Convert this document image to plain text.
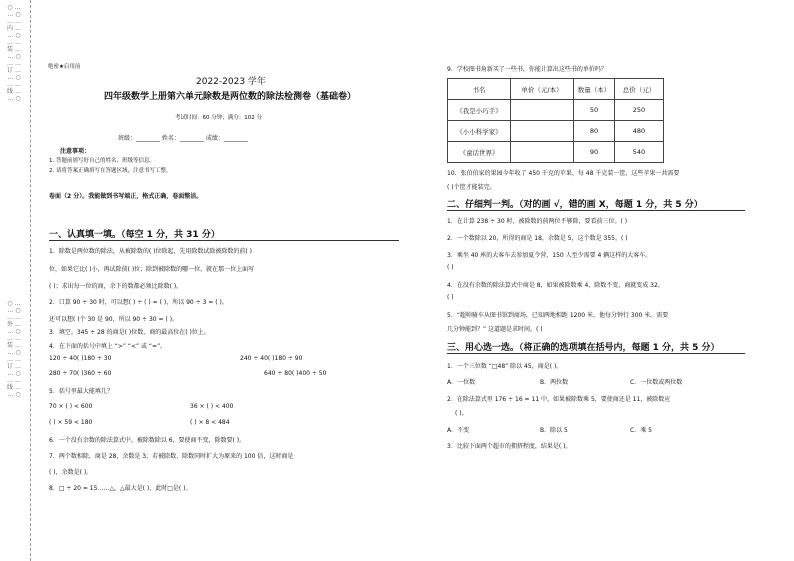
○ … … ○ … … 内 … … ○ … … 装 … … ○ … … 订 … … ○ … … 线 … … ○
○ … … ○ … … 外 … … ○ … … 装 … … ○ … … 订 … … ○ … … 线 … … ○
绝密★启用前
2022-2023 学年
四年级数学上册第六单元除数是两位数的除法检测卷（基础卷）
考试时间：60 分钟；满分：102 分
班级：________ 姓名：________ 成绩：________
注意事项：
1. 答题前填写好自己的姓名、班级等信息。
2. 请将答案正确填写在答题区域，注意书写工整。
卷面（2 分）。我能做到书写端正，格式正确，卷面整洁。
一、认真填一填。（每空 1 分，共 31 分）
1．除数是两位数的除法，从被除数的( )位除起，先用除数试除被除数的前( )
位，如果它比( )小，再试除前( )位；除到被除数的哪一位，就在那一位上面写
( )；求出每一位的商，余下的数都必须比除数( )。
2．口算 90 ÷ 30 时，可以想( ) ÷ ( ) = ( )，所以 90 ÷ 3 = ( )。
还可以想( )个 30 是 90，所以 90 ÷ 30 = ( )。
3．填空。345 ÷ 28 的商是( )位数，商的最高位在( )位上。
4．在下面的括号中填上 “>” “<” 或 “=”。
120 ÷ 40( )180 ÷ 30	240 ÷ 40( )180 ÷ 90
280 ÷ 70( )360 ÷ 60	640 ÷ 80( )400 ÷ 50
5．括号里最大能填几？
70 × ( ) < 600	36 × ( ) < 400
( ) × 59 < 180	( ) × 8 < 484
6．一个没有余数的除法算式中，被除数除以 6，要使商不变，除数要( )。
7．两个数相除，商是 28，余数是 3，若被除数、除数同时扩大为原来的 100 倍，这时商是
( )，余数是( )。
8．□ ÷ 20 = 15……△，△最大是( )，此时□是( )。
9．学校图书角新买了一些书，你能计算出这些书的单价吗？
书名	单价（元/本）	数量（本）	总价（元）
《我是小巧手》		50	250
《小小科学家》		80	480
《童话世界》		90	540
10．张伯伯家的果园今年收了 450 千克的苹果，每 48 千克装一筐，这些苹果一共需要
( )个筐才能装完。
二、仔细判一判。（对的画 √，错的画 X，每题 1 分，共 5 分）
1．在计算 238 ÷ 30 时，被除数的前两位不够除，要看前三位。( )
2．一个数除以 20，所得的商是 18，余数是 5，这个数是 355。( )
3．乘坐 40 座的大客车去参加夏令营，150 人至少需要 4 辆这样的大客车。
( )
4．在没有余数的除法算式中商是 8，如果被除数乘 4，除数不变，商就变成 32。
( )
5．“超帅骑车从图书馆到商场，已知两地相距 1200 米，他每分钟行 300 米。需要
几分钟能到？” 这道题是求时间。( )
三、用心选一选。（将正确的选项填在括号内，每题 1 分，共 5 分）
1．一个三位数 “□48” 除以 45，商是( )。
A．一位数	B．两位数	C．一位数或两位数
2．在除法算式里 176 ÷ 16 = 11 中，如果被除数乘 5，要使商还是 11，被除数应
( )。
A．不变	B．除以 5	C．乘 5
3．比较下面两个超市的拥挤程度，结果是( )。
